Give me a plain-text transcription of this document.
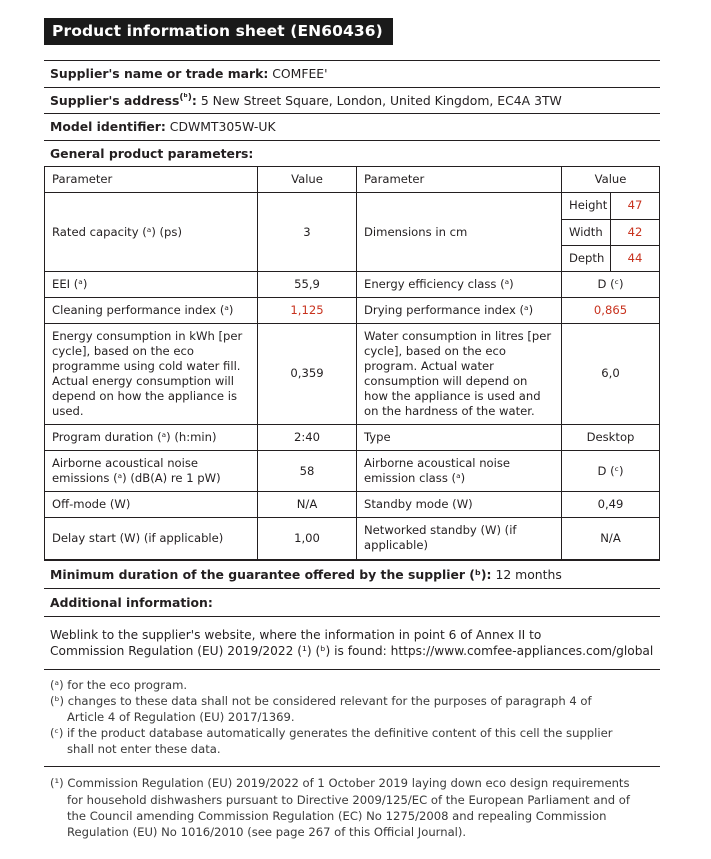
Product information sheet (EN60436)
Supplier's name or trade mark: COMFEE'
Supplier's address$^{(ᵇ)}$: 5 New Street Square, London, United Kingdom, EC4A 3TW
Model identifier: CDWMT305W-UK
General product parameters:
Parameter	Value	Parameter	Value
Rated capacity (ᵃ) (ps)	3	Dimensions in cm	
Height	47
Width	42
Depth	44

EEI (ᵃ)	55,9	Energy efficiency class (ᵃ)	D (ᶜ)
Cleaning performance index (ᵃ)	1,125	Drying performance index (ᵃ)	0,865
Energy consumption in kWh [per cycle], based on the eco programme using cold water fill. Actual energy consumption will depend on how the appliance is used.	0,359	Water consumption in litres [per cycle], based on the eco program. Actual water consumption will depend on how the appliance is used and on the hardness of the water.	6,0
Program duration (ᵃ) (h:min)	2:40	Type	Desktop
Airborne acoustical noise emissions (ᵃ) (dB(A) re 1 pW)	58	Airborne acoustical noise emission class (ᵃ)	D (ᶜ)
Off-mode (W)	N/A	Standby mode (W)	0,49
Delay start (W) (if applicable)	1,00	Networked standby (W) (if applicable)	N/A
Minimum duration of the guarantee offered by the supplier (ᵇ): 12 months
Additional information:
Weblink to the supplier's website, where the information in point 6 of Annex II to
Commission Regulation (EU) 2019/2022 (¹) (ᵇ) is found: https://www.comfee-appliances.com/global
(ᵃ) for the eco program.
(ᵇ) changes to these data shall not be considered relevant for the purposes of paragraph 4 of
Article 4 of Regulation (EU) 2017/1369.
(ᶜ) if the product database automatically generates the definitive content of this cell the supplier
shall not enter these data.
(¹) Commission Regulation (EU) 2019/2022 of 1 October 2019 laying down eco design requirements
for household dishwashers pursuant to Directive 2009/125/EC of the European Parliament and of
the Council amending Commission Regulation (EC) No 1275/2008 and repealing Commission
Regulation (EU) No 1016/2010 (see page 267 of this Official Journal).
